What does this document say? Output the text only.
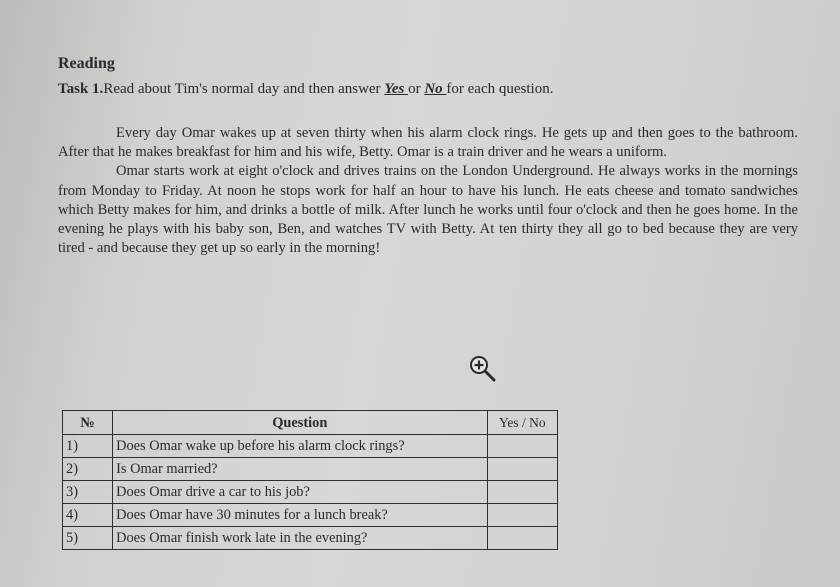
Reading
Task 1.Read about Tim's normal day and then answer Yes or No for each question.

Every day Omar wakes up at seven thirty when his alarm clock rings. He gets up and then goes to the bathroom. After that he makes breakfast for him and his wife, Betty. Omar is a train driver and he wears a uniform.

Omar starts work at eight o'clock and drives trains on the London Underground. He always works in the mornings from Monday to Friday. At noon he stops work for half an hour to have his lunch. He eats cheese and tomato sandwiches which Betty makes for him, and drinks a bottle of milk. After lunch he works until four o'clock and then he goes home. In the evening he plays with his baby son, Ben, and watches TV with Betty. At ten thirty they all go to bed because they are very tired - and because they get up so early in the morning!

№	Question	Yes / No
1)	Does Omar wake up before his alarm clock rings?	
2)	Is Omar married?	
3)	Does Omar drive a car to his job?	
4)	Does Omar have 30 minutes for a lunch break?	
5)	Does Omar finish work late in the evening?	
